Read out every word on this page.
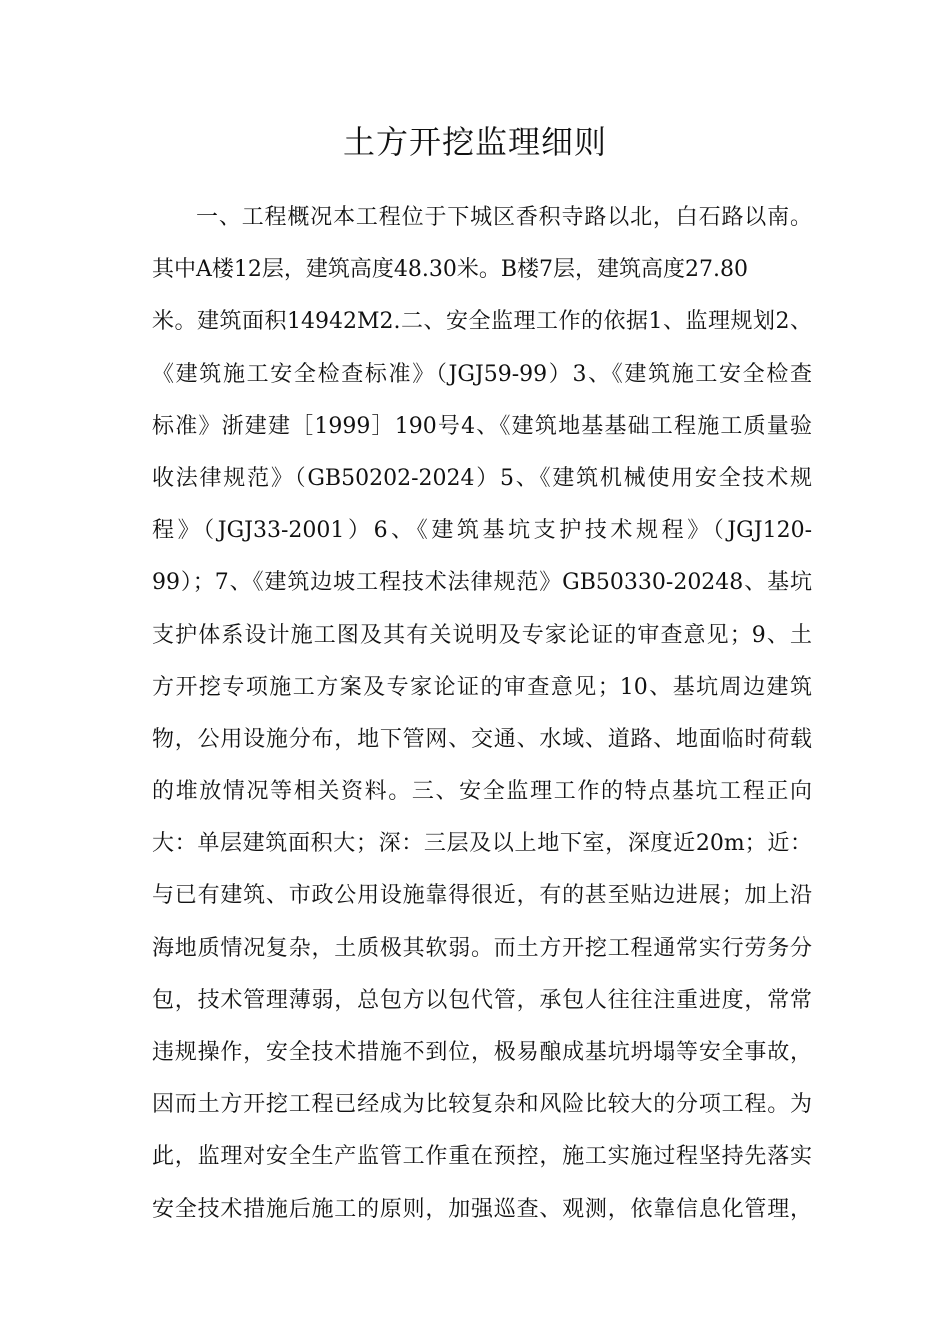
土方开挖监理细则
一、工程概况本工程位于下城区香积寺路以北，白石路以南。
其中A楼12层，建筑高度48.30米。B楼7层，建筑高度27.80
米。建筑面积14942M2.二、安全监理工作的依据1、监理规划2、
《建筑施工安全检查标准》（JGJ59-99）3、《建筑施工安全检查
标准》浙建建［1999］190号4、《建筑地基基础工程施工质量验
收法律规范》（GB50202-2024）5、《建筑机械使用安全技术规
程》（JGJ33-2001）6、《建筑基坑支护技术规程》（JGJ120-
99）；7、《建筑边坡工程技术法律规范》GB50330-20248、基坑
支护体系设计施工图及其有关说明及专家论证的审查意见；9、土
方开挖专项施工方案及专家论证的审查意见；10、基坑周边建筑
物，公用设施分布，地下管网、交通、水域、道路、地面临时荷载
的堆放情况等相关资料。三、安全监理工作的特点基坑工程正向
大：单层建筑面积大；深：三层及以上地下室，深度近20m；近：
与已有建筑、市政公用设施靠得很近，有的甚至贴边进展；加上沿
海地质情况复杂，土质极其软弱。而土方开挖工程通常实行劳务分
包，技术管理薄弱，总包方以包代管，承包人往往注重进度，常常
违规操作，安全技术措施不到位，极易酿成基坑坍塌等安全事故，
因而土方开挖工程已经成为比较复杂和风险比较大的分项工程。为
此，监理对安全生产监管工作重在预控，施工实施过程坚持先落实
安全技术措施后施工的原则，加强巡查、观测，依靠信息化管理，
